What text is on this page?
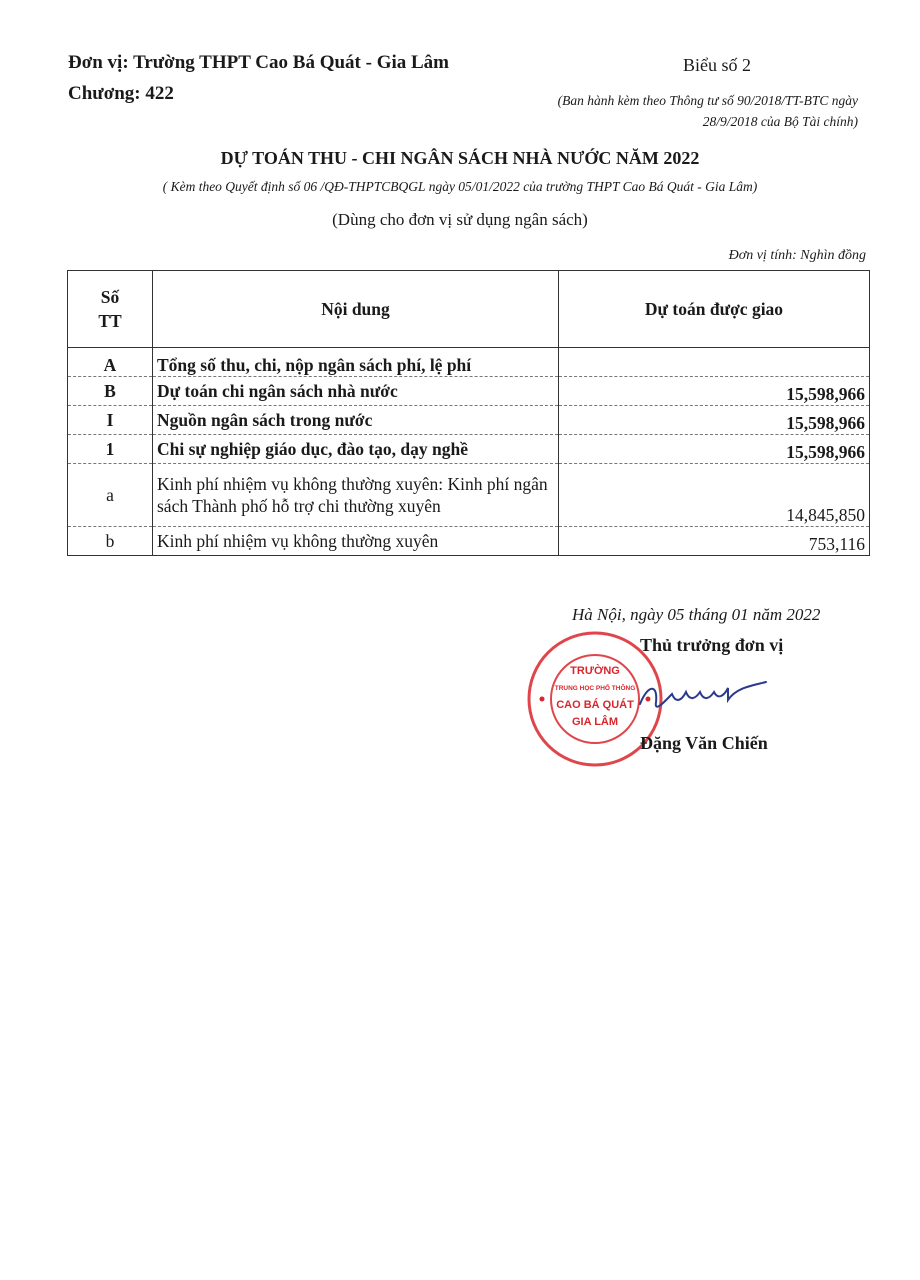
Đơn vị: Trường THPT Cao Bá Quát - Gia Lâm
Chương: 422
Biểu số 2
(Ban hành kèm theo Thông tư số 90/2018/TT-BTC ngày 28/9/2018 của Bộ Tài chính)
DỰ TOÁN THU - CHI NGÂN SÁCH NHÀ NƯỚC NĂM 2022
( Kèm theo Quyết định số 06 /QĐ-THPTCBQGL ngày 05/01/2022 của trường THPT Cao Bá Quát - Gia Lâm)
(Dùng cho đơn vị sử dụng ngân sách)
Đơn vị tính: Nghìn đồng
Số TT	Nội dung	Dự toán được giao
A	Tổng số thu, chi, nộp ngân sách phí, lệ phí	
B	Dự toán chi ngân sách nhà nước	15,598,966
I	Nguồn ngân sách trong nước	15,598,966
1	Chi sự nghiệp giáo dục, đào tạo, dạy nghề	15,598,966
a	Kinh phí nhiệm vụ không thường xuyên: Kinh phí ngân sách Thành phố hỗ trợ chi thường xuyên	14,845,850
b	Kinh phí nhiệm vụ không thường xuyên	753,116
Hà Nội, ngày 05 tháng 01 năm 2022
TRƯỜNG
TRUNG HỌC PHỔ THÔNG
CAO BÁ QUÁT
GIA LÂM
Thủ trưởng đơn vị
Đặng Văn Chiến
